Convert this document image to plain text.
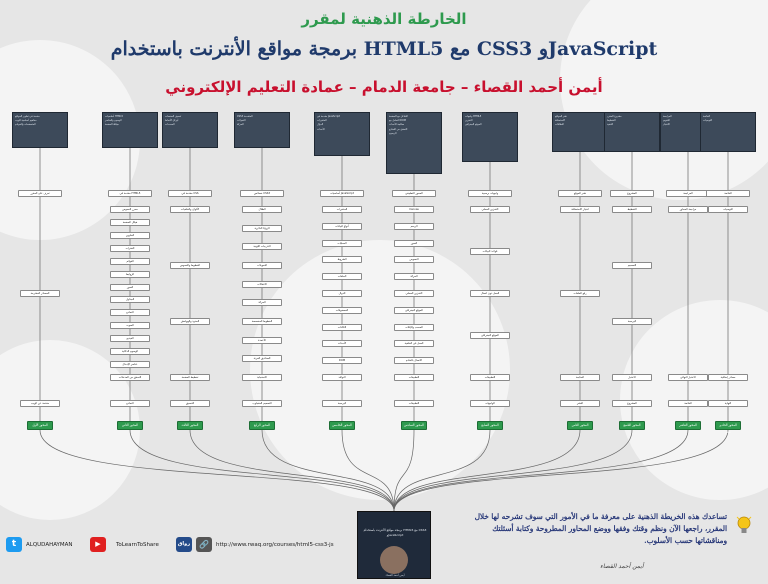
الخارطة الذهنية لمقرر
برمجة مواقع الأنترنت باستخدام HTML5 مع CSS3 وJavaScript
أيمن أحمد القصاء – جامعة الدمام – عمادة التعليم الإلكتروني
مقدمة في تطوير المواقع
مفاهيم أساسية للويب
المتصفحات والخوادم
تعرف على المقرر
المصادر المقترحة
مقدمة عن الويب
المحور الأول
أساسيات HTML5
الوسوم والعناصر
هيكلة الصفحة
مقدمة في HTML5
محرر النصوص
هيكل الصفحة
العناوين
الفقرات
القوائم
الروابط
الصور
الجداول
النماذج
الصوت
الفيديو
الوسوم الدلالية
عناصر الإدخال
التحقق من المدخلات
النماذج
المحور الثاني
تنسيق الصفحات
أوراق الأنماط
المحددات
مقدمة في CSS
الألوان والخلفيات
الخطوط والنصوص
الحدود والهوامش
تخطيط الصفحة
التنسيق
المحور الثالث
CSS3 المتقدمة
التحولات
الحركة
خصائص CSS3
الظلال
الزوايا الدائرية
التدرجات اللونية
التحويلات
الانتقالات
الحركة
الخطوط المخصصة
الأعمدة
الصناديق المرنة
الاستجابة
التصميم المتجاوب
المحور الرابع
مقدمة في JavaScript
المتغيرات
الدوال
الأحداث
أساسيات JavaScript
المتغيرات
أنواع البيانات
العمليات
الشروط
الحلقات
الدوال
المصفوفات
الكائنات
الأحداث
DOM
النوافذ
البرمجة
المحور الخامس
التفاعل مع الصفحة
التعامل مع DOM
معالجة الأحداث
التحقق من النماذج
الرسوم
المحور التطبيقي
Canvas
الرسم
الصور
النصوص
الحركة
التخزين المحلي
الموقع الجغرافي
السحب والإفلات
العمل في الخلفية
الاتصال بالخادم
التطبيقات
التطبيقات
المحور السادس
واجهات HTML5
التخزين
الموقع الجغرافي
واجهات برمجية
التخزين المحلي
قواعد البيانات
العمل دون اتصال
الموقع الجغرافي
التطبيقات
الواجهات
المحور السابع
نشر المواقع
الاستضافة
النطاقات
نشر الموقع
اختيار الاستضافة
رفع الملفات
المتابعة
النشر
المحور الثامن
مشروع المقرر
التخطيط
التنفيذ
المشروع
التخطيط
التصميم
البرمجة
الاختبار
المشروع
المحور التاسع
المراجعة
التقويم
الاختبار
المراجعة
مراجعة المحاور
الاختبار النهائي
الخاتمة
المحور العاشر
الخاتمة
التوصيات
الخاتمة
التوصيات
مصادر إضافية
النهاية
المحور الحادي عشر
برمجة مواقع الأنترنت باستخدام HTML5 مع CSS3 وJavaScript
أيمن أحمد القصاء
t	ALQUDAHAYMAN	▶	ToLearnToShare	رواق	🔗	http://www.rwaq.org/courses/html5-css3-js
تساعدك هذه الخريطة الذهنية على معرفة ما في الأمور التي سوف تشرحه لها خلال المقرر، راجعها الآن ونظم وقتك وفقها ووضع المحاور المطروحة وكتابة أسئلتك ومناقشاتها حسب الأسلوب.
أيمن أحمد القصاء
